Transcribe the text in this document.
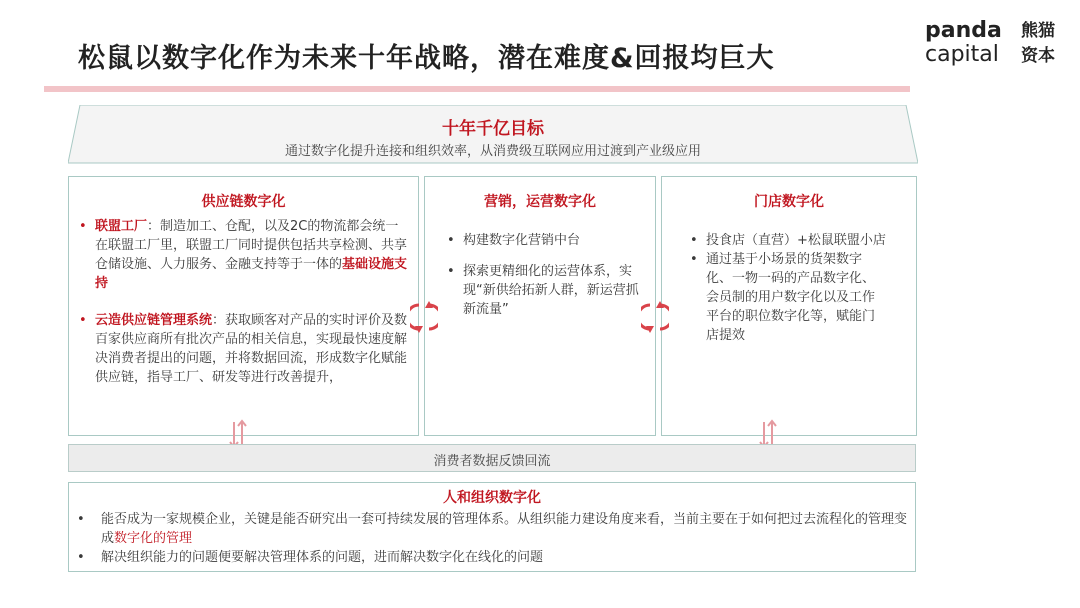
松鼠以数字化作为未来十年战略，潜在难度&回报均巨大
panda
capital
熊猫
资本
十年千亿目标
通过数字化提升连接和组织效率，从消费级互联网应用过渡到产业级应用
供应链数字化
• 联盟工厂：制造加工、仓配，以及2C的物流都会统一在联盟工厂里，联盟工厂同时提供包括共享检测、共享仓储设施、人力服务、金融支持等于一体的基础设施支持
• 云造供应链管理系统：获取顾客对产品的实时评价及数百家供应商所有批次产品的相关信息，实现最快速度解决消费者提出的问题，并将数据回流，形成数字化赋能供应链，指导工厂、研发等进行改善提升，
营销，运营数字化
• 构建数字化营销中台
• 探索更精细化的运营体系，实现“新供给拓新人群，新运营抓新流量”
门店数字化
• 投食店（直营）+松鼠联盟小店
• 通过基于小场景的货架数字化、一物一码的产品数字化、会员制的用户数字化以及工作平台的职位数字化等，赋能门店提效
消费者数据反馈回流
人和组织数字化
• 能否成为一家规模企业，关键是能否研究出一套可持续发展的管理体系。从组织能力建设角度来看，当前主要在于如何把过去流程化的管理变成数字化的管理
• 解决组织能力的问题便要解决管理体系的问题，进而解决数字化在线化的问题
